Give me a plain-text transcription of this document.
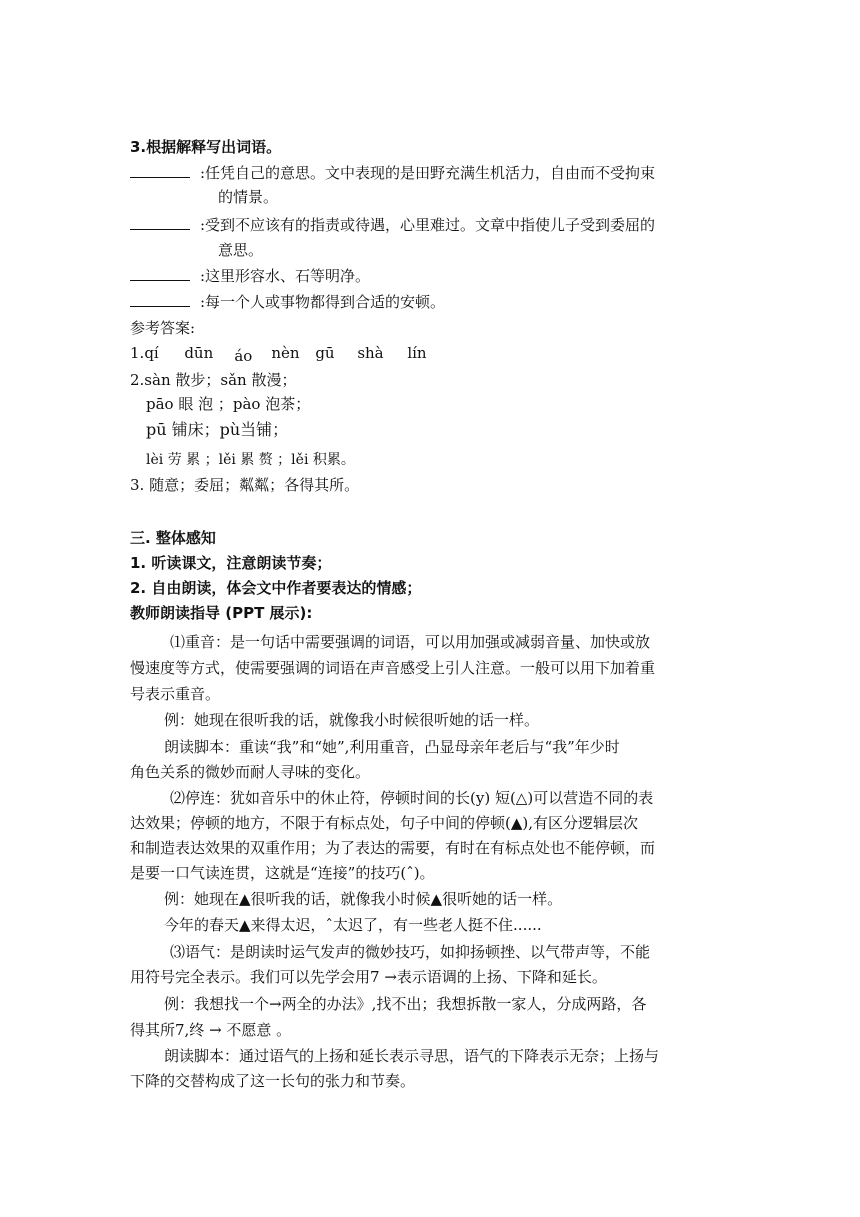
3.根据解释写出词语。
:任凭自己的意思。文中表现的是田野充满生机活力，自由而不受拘束
的情景。
:受到不应该有的指责或待遇，心里难过。文章中指使儿子受到委屈的
意思。
:这里形容水、石等明净。
:每一个人或事物都得到合适的安顿。
参考答案:
1.qí dūn áo nèn gū shà lín
2.sàn 散步；sǎn 散漫；
pāo 眼 泡 ；pào 泡茶；
pū 铺床；pù当铺；
lèi 劳 累 ；lěi 累 赘 ；lěi 积累。
3. 随意；委屈；粼粼；各得其所。
三. 整体感知
1. 听读课文，注意朗读节奏；
2. 自由朗读，体会文中作者要表达的情感；
教师朗读指导 (PPT 展示):
⑴重音：是一句话中需要强调的词语，可以用加强或减弱音量、加快或放
慢速度等方式，使需要强调的词语在声音感受上引人注意。一般可以用下加着重
号表示重音。
例：她现在很听我的话，就像我小时候很听她的话一样。
朗读脚本：重读“我”和“她”,利用重音，凸显母亲年老后与“我”年少时
角色关系的微妙而耐人寻味的变化。
⑵停连：犹如音乐中的休止符，停顿时间的长(y) 短(△)可以营造不同的表
达效果；停顿的地方，不限于有标点处，句子中间的停顿(▲),有区分逻辑层次
和制造表达效果的双重作用；为了表达的需要，有时在有标点处也不能停顿，而
是要一口气读连贯，这就是“连接”的技巧(ˆ)。
例：她现在▲很听我的话，就像我小时候▲很听她的话一样。
今年的春天▲来得太迟，ˆ太迟了，有一些老人挺不住......
⑶语气：是朗读时运气发声的微妙技巧，如抑扬顿挫、以气带声等，不能
用符号完全表示。我们可以先学会用7 →表示语调的上扬、下降和延长。
例：我想找一个→两全的办法》,找不出；我想拆散一家人，分成两路，各
得其所7,终 → 不愿意 。
朗读脚本：通过语气的上扬和延长表示寻思，语气的下降表示无奈；上扬与
下降的交替构成了这一长句的张力和节奏。
